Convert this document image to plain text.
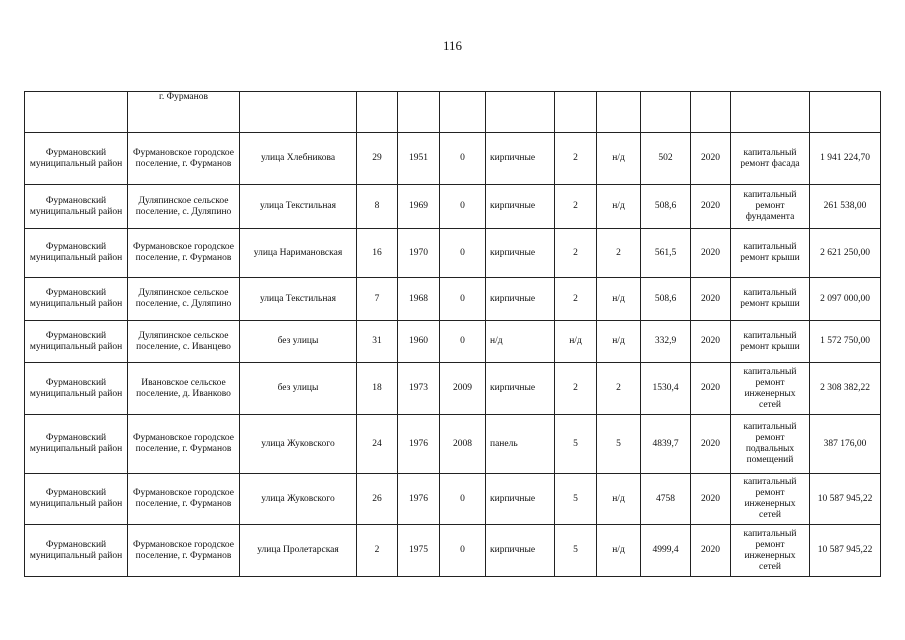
116
	г. Фурманов											
Фурмановский муниципальный район	Фурмановское городское поселение, г. Фурманов	улица Хлебникова	29	1951	0	кирпичные	2	н/д	502	2020	капитальный ремонт фасада	1 941 224,70
Фурмановский муниципальный район	Дуляпинское сельское поселение, с. Дуляпино	улица Текстильная	8	1969	0	кирпичные	2	н/д	508,6	2020	капитальный ремонт фундамента	261 538,00
Фурмановский муниципальный район	Фурмановское городское поселение, г. Фурманов	улица Наримановская	16	1970	0	кирпичные	2	2	561,5	2020	капитальный ремонт крыши	2 621 250,00
Фурмановский муниципальный район	Дуляпинское сельское поселение, с. Дуляпино	улица Текстильная	7	1968	0	кирпичные	2	н/д	508,6	2020	капитальный ремонт крыши	2 097 000,00
Фурмановский муниципальный район	Дуляпинское сельское поселение, с. Иванцево	без улицы	31	1960	0	н/д	н/д	н/д	332,9	2020	капитальный ремонт крыши	1 572 750,00
Фурмановский муниципальный район	Ивановское сельское поселение, д. Иванково	без улицы	18	1973	2009	кирпичные	2	2	1530,4	2020	капитальный ремонт инженерных сетей	2 308 382,22
Фурмановский муниципальный район	Фурмановское городское поселение, г. Фурманов	улица Жуковского	24	1976	2008	панель	5	5	4839,7	2020	капитальный ремонт подвальных помещений	387 176,00
Фурмановский муниципальный район	Фурмановское городское поселение, г. Фурманов	улица Жуковского	26	1976	0	кирпичные	5	н/д	4758	2020	капитальный ремонт инженерных сетей	10 587 945,22
Фурмановский муниципальный район	Фурмановское городское поселение, г. Фурманов	улица Пролетарская	2	1975	0	кирпичные	5	н/д	4999,4	2020	капитальный ремонт инженерных сетей	10 587 945,22
